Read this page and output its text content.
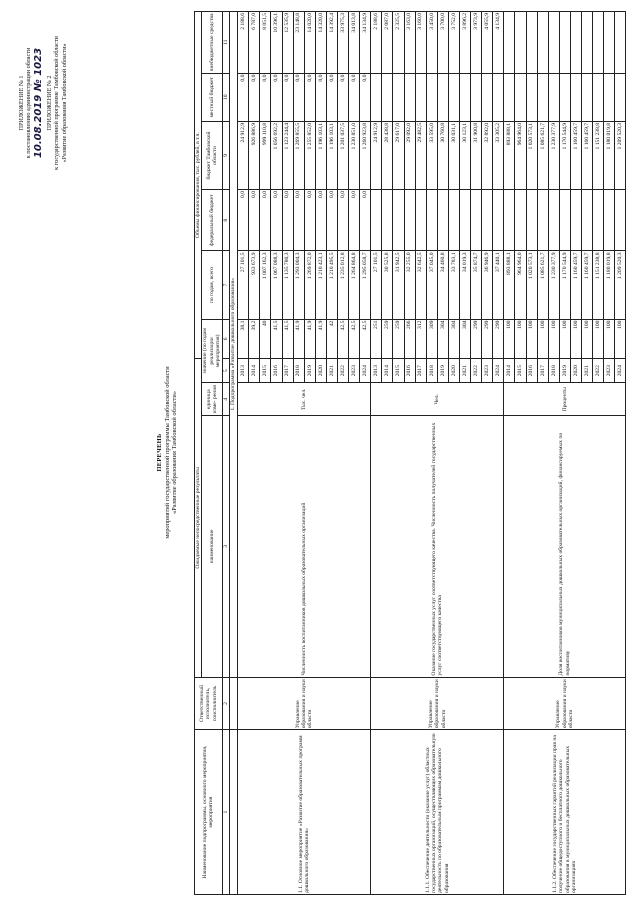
ПРИЛОЖЕНИЕ № 1 к постановлению администрации области 10.08.2019 № 1023 ПРИЛОЖЕНИЕ № 2 к государственной программе Тамбовской области «Развитие образования Тамбовской области»
ПЕРЕЧЕНЬ мероприятий государственной программы Тамбовской области «Развитие образования Тамбовской области»
Наименование подпрограммы, основного мероприятия, мероприятия	Ответственный исполнитель, соисполнитель	Ожидаемые непосредственные результаты			Объемы финансирования, тыс. рублей, в т.ч.					
		наименование	единица изме- рения	значение (по годам реализации мероприятия)		по годам, всего	федеральный бюджет	бюджет Тамбовской области	местный бюджет	внебюджетные средства

1	2	3	4	5	6	7	8	9	10	11
		1. Подпрограмма «Развитие дошкольного образования»								
1.1. Основное мероприятие «Развитие образовательных программ дошкольного образования»	Управление образования и науки области	Численность воспитанников дошкольных образовательных организаций	Тыс. чел.	2013	38,1	27 101,5	0,0	24 912,9	0,0	2 188,6
				2014	39,2	933 673,9	0,0	926 886,9	0,0	6 787,0
				2015	40	1 007 162,3	0,0	999 110,8	0,0	8 051,5
				2016	41,5	1 067 088,3	0,0	1 056 692,2	0,0	10 396,1
				2017	41,5	1 135 780,3	0,0	1 123 244,4	0,0	12 535,9
				2018	41,9	1 293 004,3	0,0	1 269 855,5	0,0	23 148,8
				2019	41,9	1 269 872,0	0,0	1 255 852,0	0,0	14 020,0
				2020	41,9	1 210 423,1	0,0	1 196 103,1	0,0	14 320,0
				2021	42	1 210 495,5	0,0	1 196 103,1	0,0	14 392,4
				2022	42,5	1 235 012,8	0,0	1 201 037,5	0,0	33 975,3
				2023	42,5	1 264 864,8	0,0	1 230 851,0	0,0	34 013,8
				2024	42,5	1 295 058,7	0,0	1 260 923,8	0,0	34 134,9
1.1.1. Обеспечение деятельности (оказание услуг) областных государственных организаций, осуществляющих образовательную деятельность по образовательным программам дошкольного образования	Управление образования и науки области	Оказание государственных услуг соответствующего качества. Численность получателей государственных услуг соответствующего качества	Чел.	2013	251	27 101,5		24 912,9		2 188,6
				2014	259	30 525,8		28 438,8		2 087,0
				2015	259	31 942,5		29 617,0		2 325,5
				2016	266	32 255,0		29 092,0		3 163,0
				2017	312	32 642,5		29 482,5		3 160,0
				2018	309	37 045,0		33 595,0		3 450,0
				2019	304	34 460,8		30 760,8		3 700,0
				2020	304	33 783,1		30 031,1		3 752,0
				2021	304	34 019,3		30 123,1		3 896,2
				2022	299	35 874,7		31 900,8		3 973,9
				2023	299	36 946,9		32 892,0		4 055,9
				2024	299	37 440,1		33 305,2		4 134,9
1.1.2. Обеспечение государственных гарантий реализации прав на получение общедоступного и бесплатного дошкольного образования в муниципальных дошкольных образовательных организациях	Управление образования и науки области	Доля воспитанников муниципальных дошкольных образовательных организаций, финансируемых по нормативу	Проценты	2014	100	893 888,1		893 888,1		
				2015	100	964 964,0		964 964,0		
				2016	100	1 020 573,1		1 020 573,1		
				2017	100	1 085 621,7		1 085 621,7		
				2018	100	1 230 377,9		1 230 377,9		
				2019	100	1 170 544,9		1 170 544,9		
				2020	100	1 160 459,7		1 160 459,7		
				2021	100	1 160 459,7		1 160 459,7		
				2022	100	1 151 238,8		1 151 238,8		
				2023	100	1 180 019,8		1 180 019,8		
				2024	100	1 209 520,3		1 209 520,3		
